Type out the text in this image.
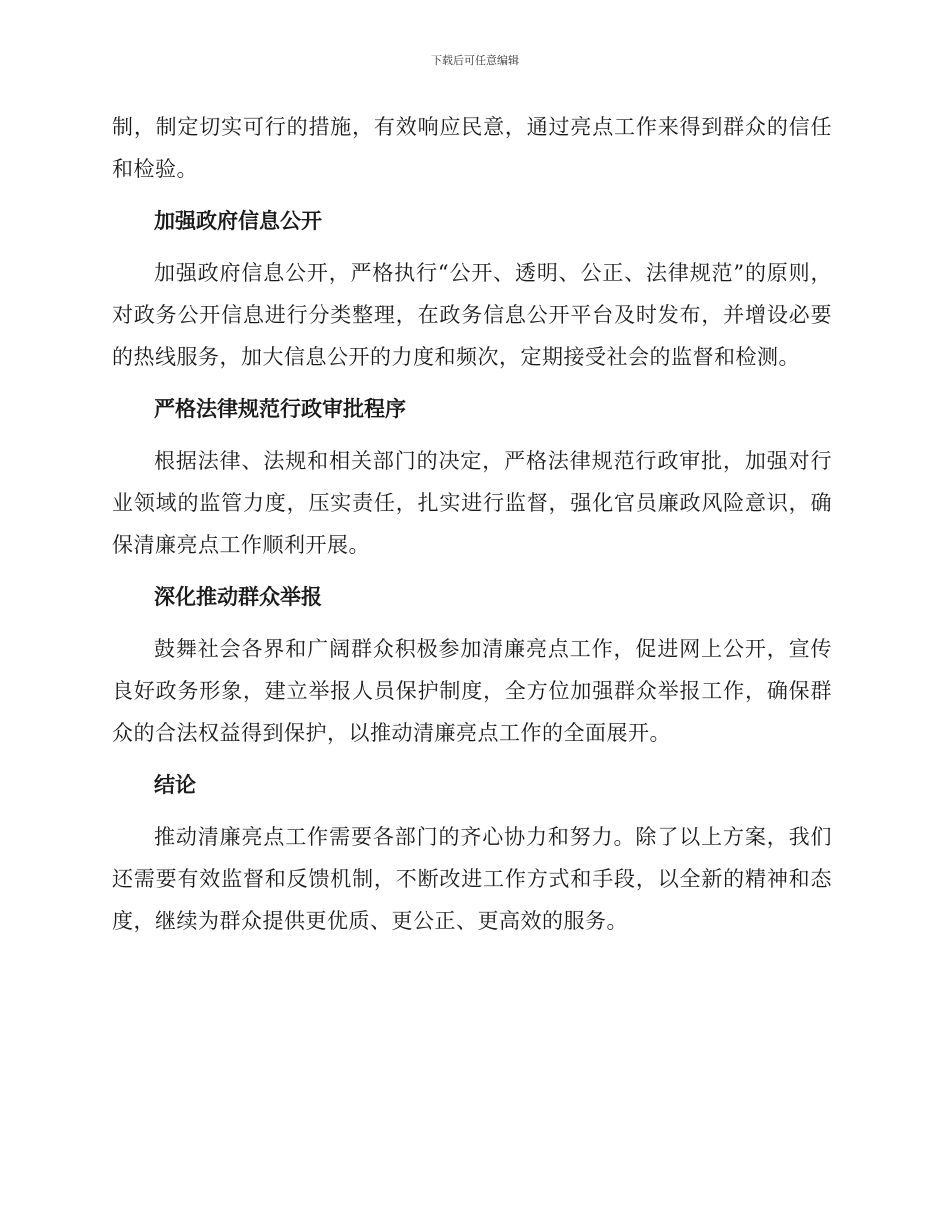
下载后可任意编辑

制，制定切实可行的措施，有效响应民意，通过亮点工作来得到群众的信任和检验。

加强政府信息公开

加强政府信息公开，严格执行“公开、透明、公正、法律规范”的原则，对政务公开信息进行分类整理，在政务信息公开平台及时发布，并增设必要的热线服务，加大信息公开的力度和频次，定期接受社会的监督和检测。

严格法律规范行政审批程序

根据法律、法规和相关部门的决定，严格法律规范行政审批，加强对行业领域的监管力度，压实责任，扎实进行监督，强化官员廉政风险意识，确保清廉亮点工作顺利开展。

深化推动群众举报

鼓舞社会各界和广阔群众积极参加清廉亮点工作，促进网上公开，宣传良好政务形象，建立举报人员保护制度，全方位加强群众举报工作，确保群众的合法权益得到保护，以推动清廉亮点工作的全面展开。

结论

推动清廉亮点工作需要各部门的齐心协力和努力。除了以上方案，我们还需要有效监督和反馈机制，不断改进工作方式和手段，以全新的精神和态度，继续为群众提供更优质、更公正、更高效的服务。
